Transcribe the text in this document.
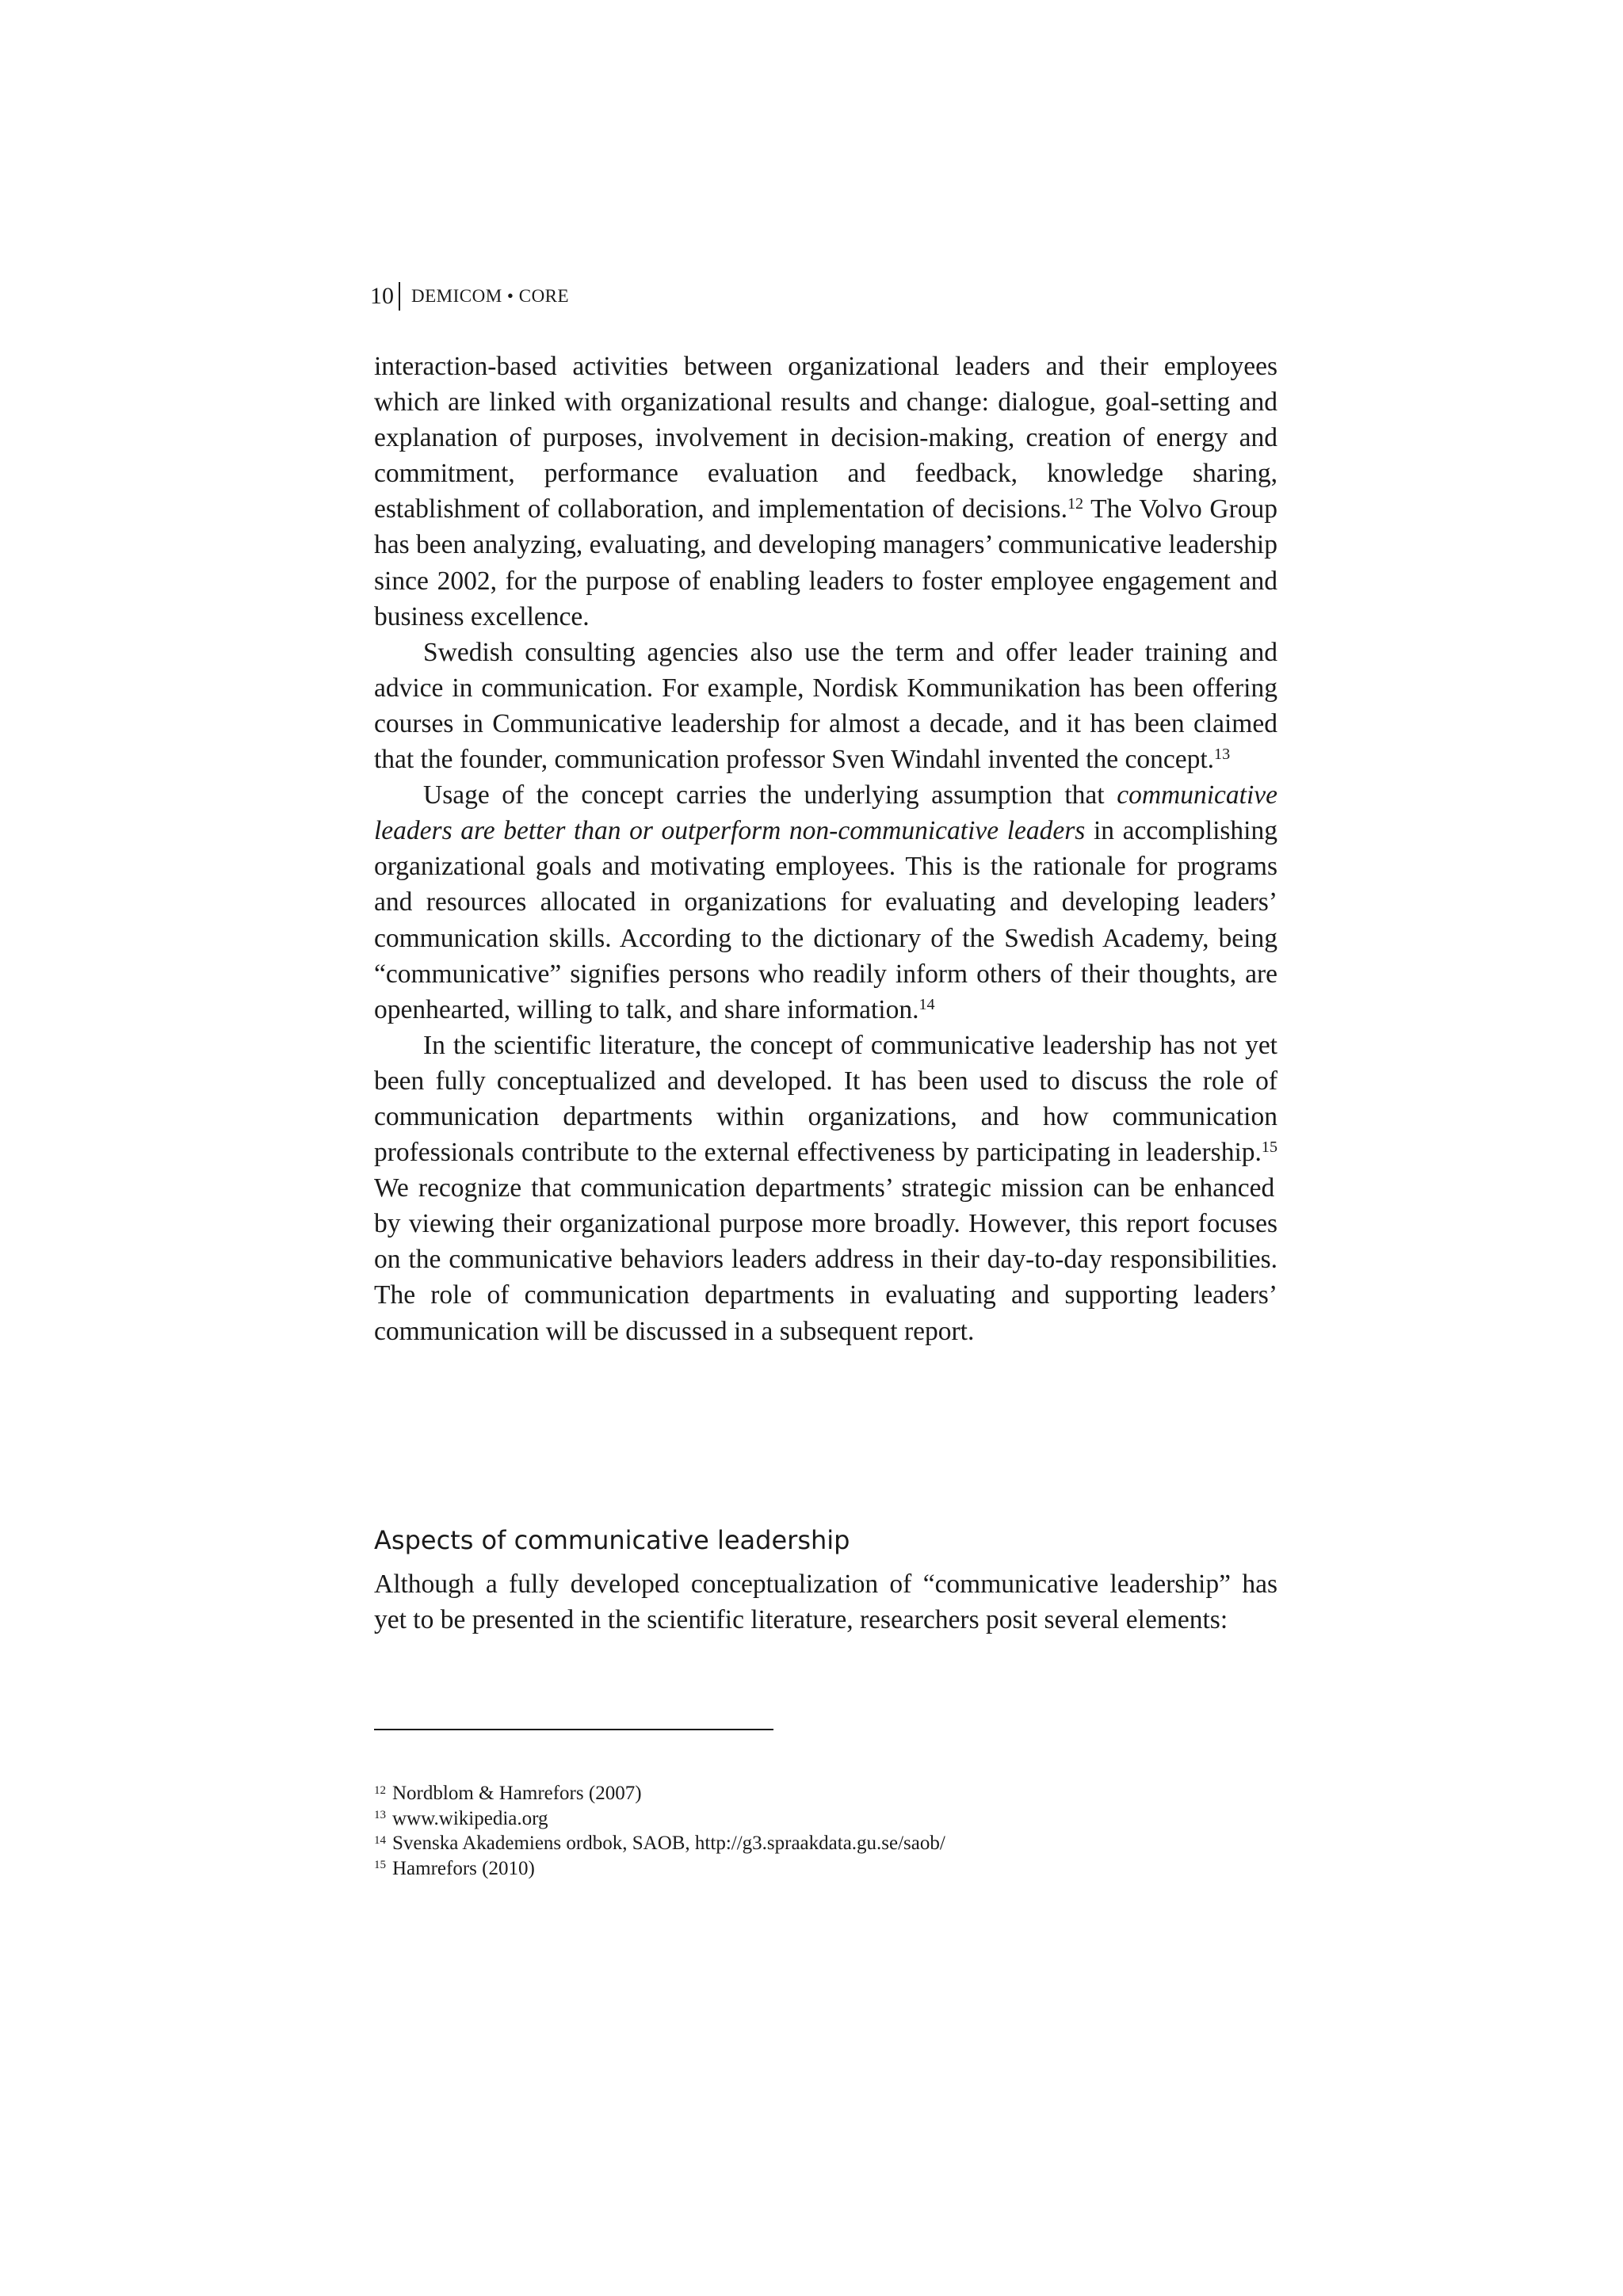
10 DEMICOM • CORE

interaction-based activities between organizational leaders and their employees which are linked with organizational results and change: dialogue, goal-setting and explanation of purposes, involvement in decision-making, creation of energy and commitment, performance evaluation and feedback, knowledge sharing, establishment of collaboration, and implementation of decisions.$^{12}$ The Volvo Group has been analyzing, evaluating, and developing managers’ communicative leadership since 2002, for the purpose of enabling leaders to foster employee engagement and business excellence.

Swedish consulting agencies also use the term and offer leader training and advice in communication. For example, Nordisk Kommunikation has been offering courses in Communicative leadership for almost a decade, and it has been claimed that the founder, communication professor Sven Windahl invented the concept.$^{13}$

Usage of the concept carries the underlying assumption that communicative leaders are better than or outperform non-communicative leaders in accomplishing organizational goals and motivating employees. This is the rationale for programs and resources allocated in organizations for evaluating and developing leaders’ communication skills. According to the dictionary of the Swedish Academy, being “communicative” signifies persons who readily inform others of their thoughts, are openhearted, willing to talk, and share information.$^{14}$

In the scientific literature, the concept of communicative leadership has not yet been fully conceptualized and developed. It has been used to discuss the role of communication departments within organizations, and how communication professionals contribute to the external effectiveness by participating in leadership.$^{15}$ We recognize that communication departments’ strategic mission can be enhanced by viewing their organizational purpose more broadly. However, this report focuses on the communicative behaviors leaders address in their day-to-day responsibilities. The role of communication departments in evaluating and supporting leaders’ communication will be discussed in a subsequent report.

Aspects of communicative leadership

Although a fully developed conceptualization of “communicative leadership” has yet to be presented in the scientific literature, researchers posit several elements:

$^{12}$ Nordblom & Hamrefors (2007)

$^{13}$ www.wikipedia.org

$^{14}$ Svenska Akademiens ordbok, SAOB, http://g3.spraakdata.gu.se/saob/

$^{15}$ Hamrefors (2010)
